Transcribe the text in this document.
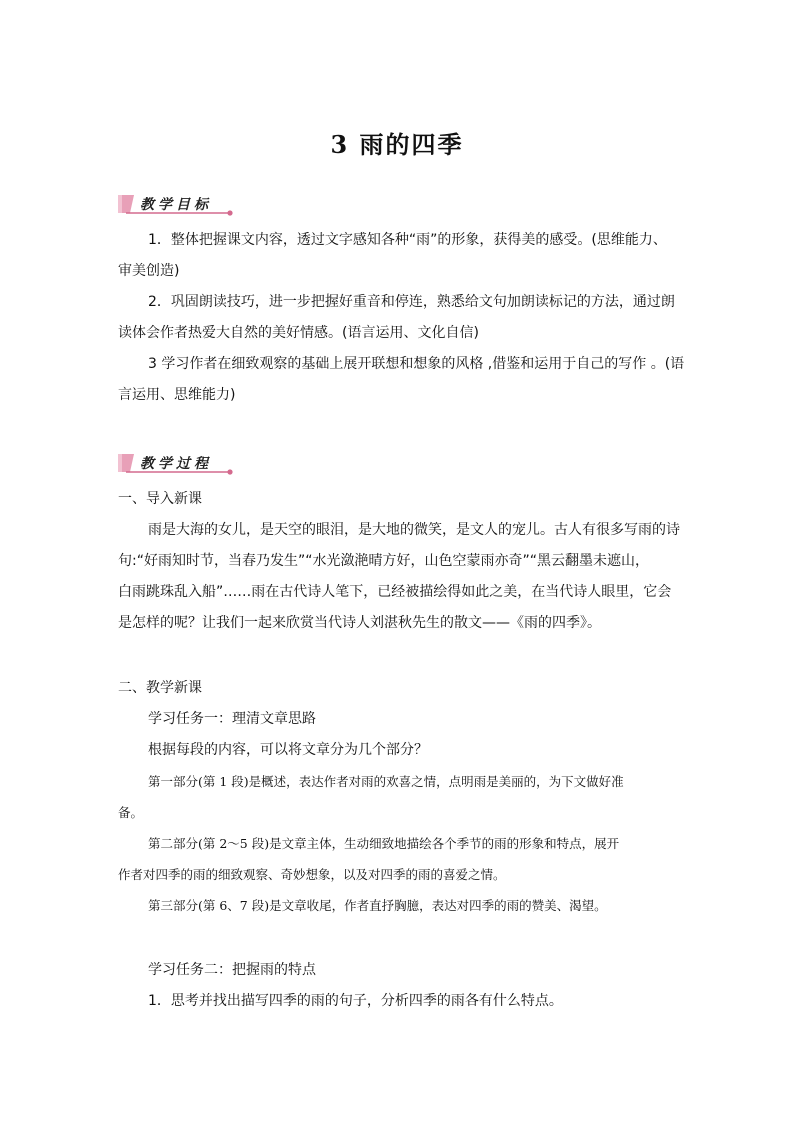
3 雨的四季
教学目标
1．整体把握课文内容，透过文字感知各种“雨”的形象，获得美的感受。(思维能力、
审美创造)
2．巩固朗读技巧，进一步把握好重音和停连，熟悉给文句加朗读标记的方法，通过朗
读体会作者热爱大自然的美好情感。(语言运用、文化自信)
3 学习作者在细致观察的基础上展开联想和想象的风格 ,借鉴和运用于自己的写作 。(语
言运用、思维能力)
教学过程
一、导入新课
雨是大海的女儿，是天空的眼泪，是大地的微笑，是文人的宠儿。古人有很多写雨的诗
句:“好雨知时节，当春乃发生”“水光潋滟晴方好，山色空蒙雨亦奇”“黑云翻墨未遮山，
白雨跳珠乱入船”……雨在古代诗人笔下，已经被描绘得如此之美，在当代诗人眼里，它会
是怎样的呢？让我们一起来欣赏当代诗人刘湛秋先生的散文——《雨的四季》。
二、教学新课
学习任务一：理清文章思路
根据每段的内容，可以将文章分为几个部分？
第一部分(第 1 段)是概述，表达作者对雨的欢喜之情，点明雨是美丽的，为下文做好准
备。
第二部分(第 2～5 段)是文章主体，生动细致地描绘各个季节的雨的形象和特点，展开
作者对四季的雨的细致观察、奇妙想象，以及对四季的雨的喜爱之情。
第三部分(第 6、7 段)是文章收尾，作者直抒胸臆，表达对四季的雨的赞美、渴望。
学习任务二：把握雨的特点
1．思考并找出描写四季的雨的句子，分析四季的雨各有什么特点。
